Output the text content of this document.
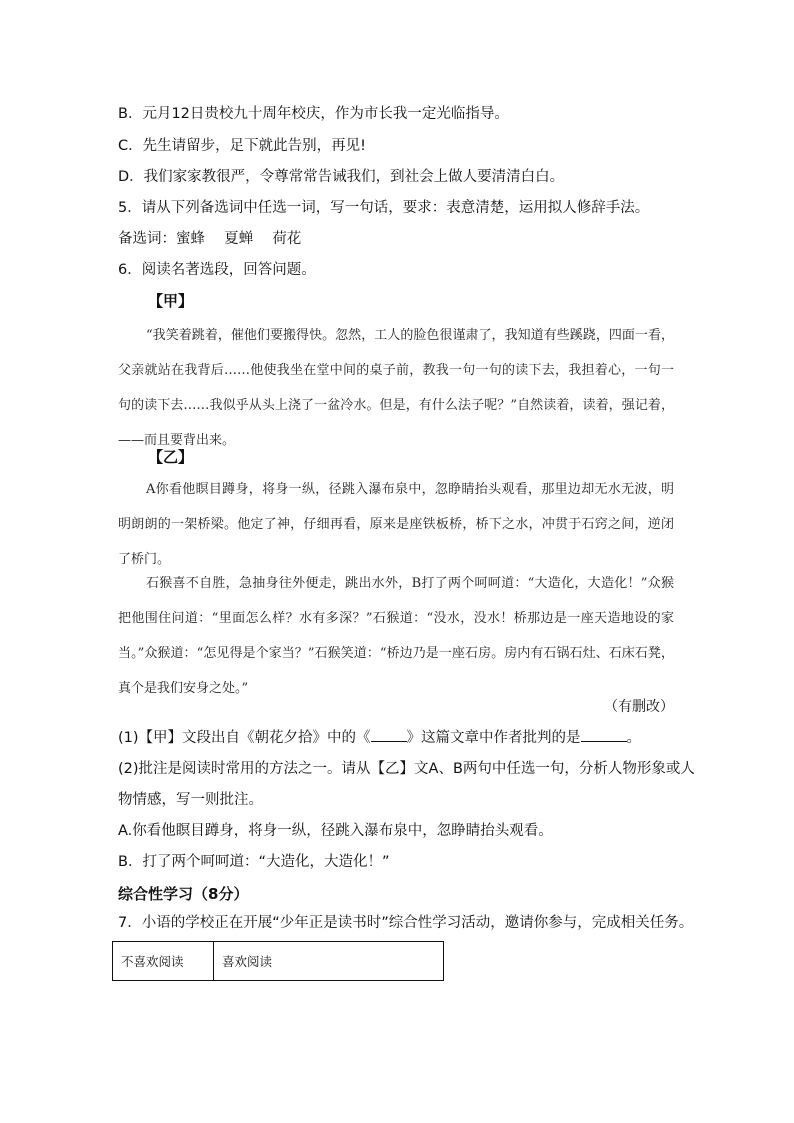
B．元月12日贵校九十周年校庆，作为市长我一定光临指导。
C．先生请留步，足下就此告别，再见!
D．我们家家教很严，令尊常常告诫我们，到社会上做人要清清白白。
5．请从下列备选词中任选一词，写一句话，要求：表意清楚，运用拟人修辞手法。
备选词：蜜蜂　 夏蝉 　荷花
6．阅读名著选段，回答问题。
【甲】
“我笑着跳着，催他们要搬得快。忽然，工人的脸色很谨肃了，我知道有些蹊跷，四面一看，父亲就站在我背后……他使我坐在堂中间的桌子前，教我一句一句的读下去，我担着心，一句一句的读下去……我似乎从头上浇了一盆冷水。但是，有什么法子呢？”自然读着，读着，强记着，——而且要背出来。
【乙】
A你看他瞑目蹲身，将身一纵，径跳入瀑布泉中，忽睁睛抬头观看，那里边却无水无波，明明朗朗的一架桥梁。他定了神，仔细再看，原来是座铁板桥，桥下之水，冲贯于石窍之间，逆闭了桥门。
石猴喜不自胜，急抽身往外便走，跳出水外，B打了两个呵呵道：“大造化，大造化！”众猴把他围住问道：“里面怎么样？水有多深？”石猴道：“没水，没水！桥那边是一座天造地设的家当。”众猴道：“怎见得是个家当？”石猴笑道：“桥边乃是一座石房。房内有石锅石灶、石床石凳，真个是我们安身之处。”
（有删改）
(1)【甲】文段出自《朝花夕拾》中的《 》这篇文章中作者批判的是	。
(2)批注是阅读时常用的方法之一。请从【乙】文A、B两句中任选一句，分析人物形象或人
物情感，写一则批注。
A.你看他瞑目蹲身，将身一纵，径跳入瀑布泉中，忽睁睛抬头观看。
B．打了两个呵呵道：“大造化，大造化！”
综合性学习（8分）
7．小语的学校正在开展“少年正是读书时”综合性学习活动，邀请你参与，完成相关任务。
不喜欢阅读	喜欢阅读
